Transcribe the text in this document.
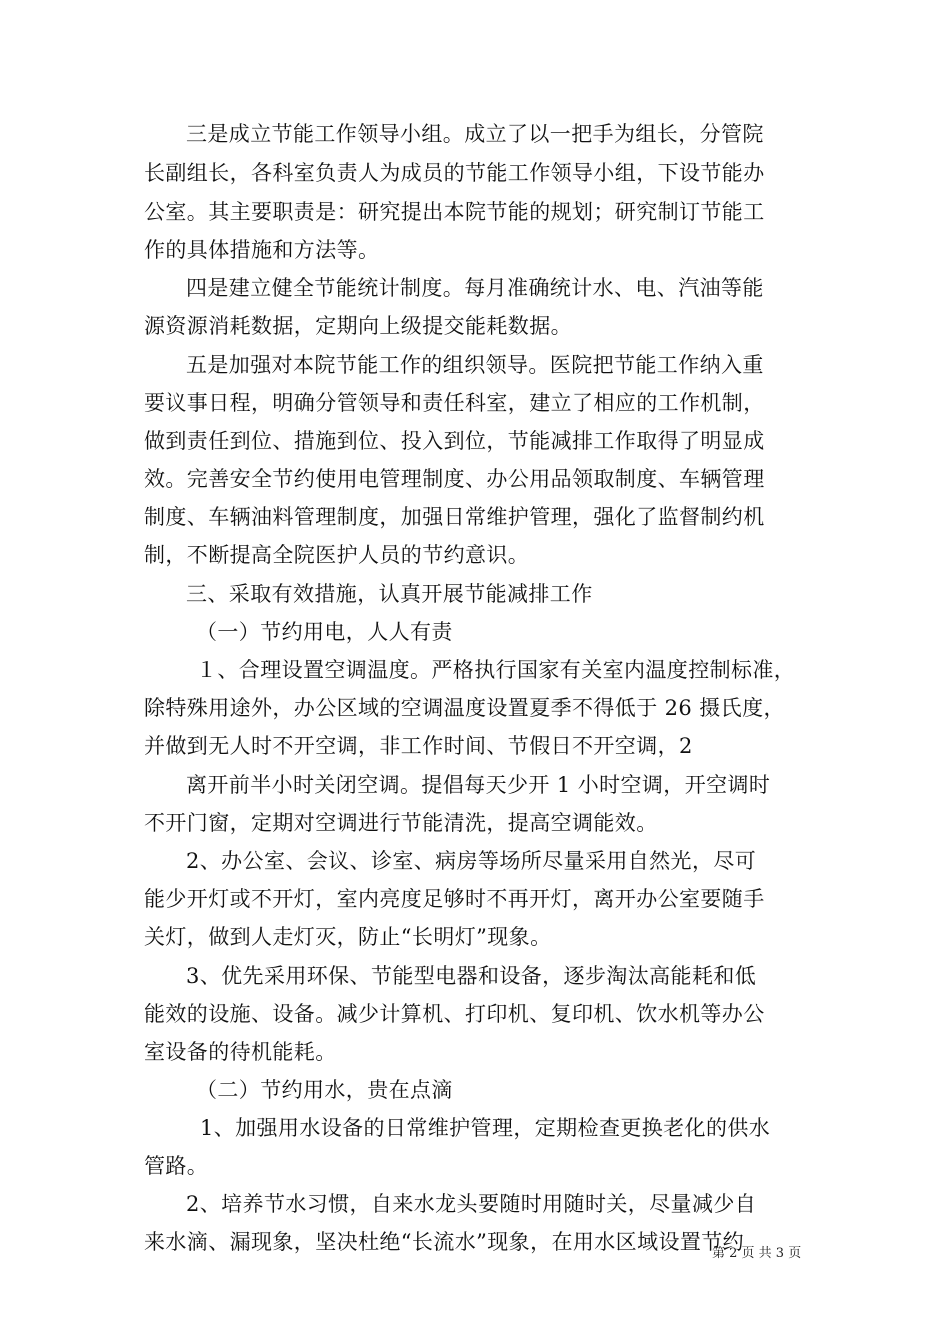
三是成立节能工作领导小组。成立了以一把手为组长，分管院
长副组长，各科室负责人为成员的节能工作领导小组，下设节能办
公室。其主要职责是：研究提出本院节能的规划；研究制订节能工
作的具体措施和方法等。
四是建立健全节能统计制度。每月准确统计水、电、汽油等能
源资源消耗数据，定期向上级提交能耗数据。
五是加强对本院节能工作的组织领导。医院把节能工作纳入重
要议事日程，明确分管领导和责任科室，建立了相应的工作机制，
做到责任到位、措施到位、投入到位，节能减排工作取得了明显成
效。完善安全节约使用电管理制度、办公用品领取制度、车辆管理
制度、车辆油料管理制度，加强日常维护管理，强化了监督制约机
制，不断提高全院医护人员的节约意识。
三、采取有效措施，认真开展节能减排工作
（一）节约用电，人人有责
１、合理设置空调温度。严格执行国家有关室内温度控制标准，
除特殊用途外，办公区域的空调温度设置夏季不得低于 26 摄氏度，
并做到无人时不开空调，非工作时间、节假日不开空调，2
离开前半小时关闭空调。提倡每天少开 1 小时空调，开空调时
不开门窗，定期对空调进行节能清洗，提高空调能效。
2、办公室、会议、诊室、病房等场所尽量采用自然光，尽可
能少开灯或不开灯，室内亮度足够时不再开灯，离开办公室要随手
关灯，做到人走灯灭，防止“长明灯”现象。
3、优先采用环保、节能型电器和设备，逐步淘汰高能耗和低
能效的设施、设备。减少计算机、打印机、复印机、饮水机等办公
室设备的待机能耗。
（二）节约用水，贵在点滴
1、加强用水设备的日常维护管理，定期检查更换老化的供水
管路。
2、培养节水习惯，自来水龙头要随时用随时关，尽量减少自
来水滴、漏现象，坚决杜绝“长流水”现象，在用水区域设置节约
第 2 页 共 3 页
